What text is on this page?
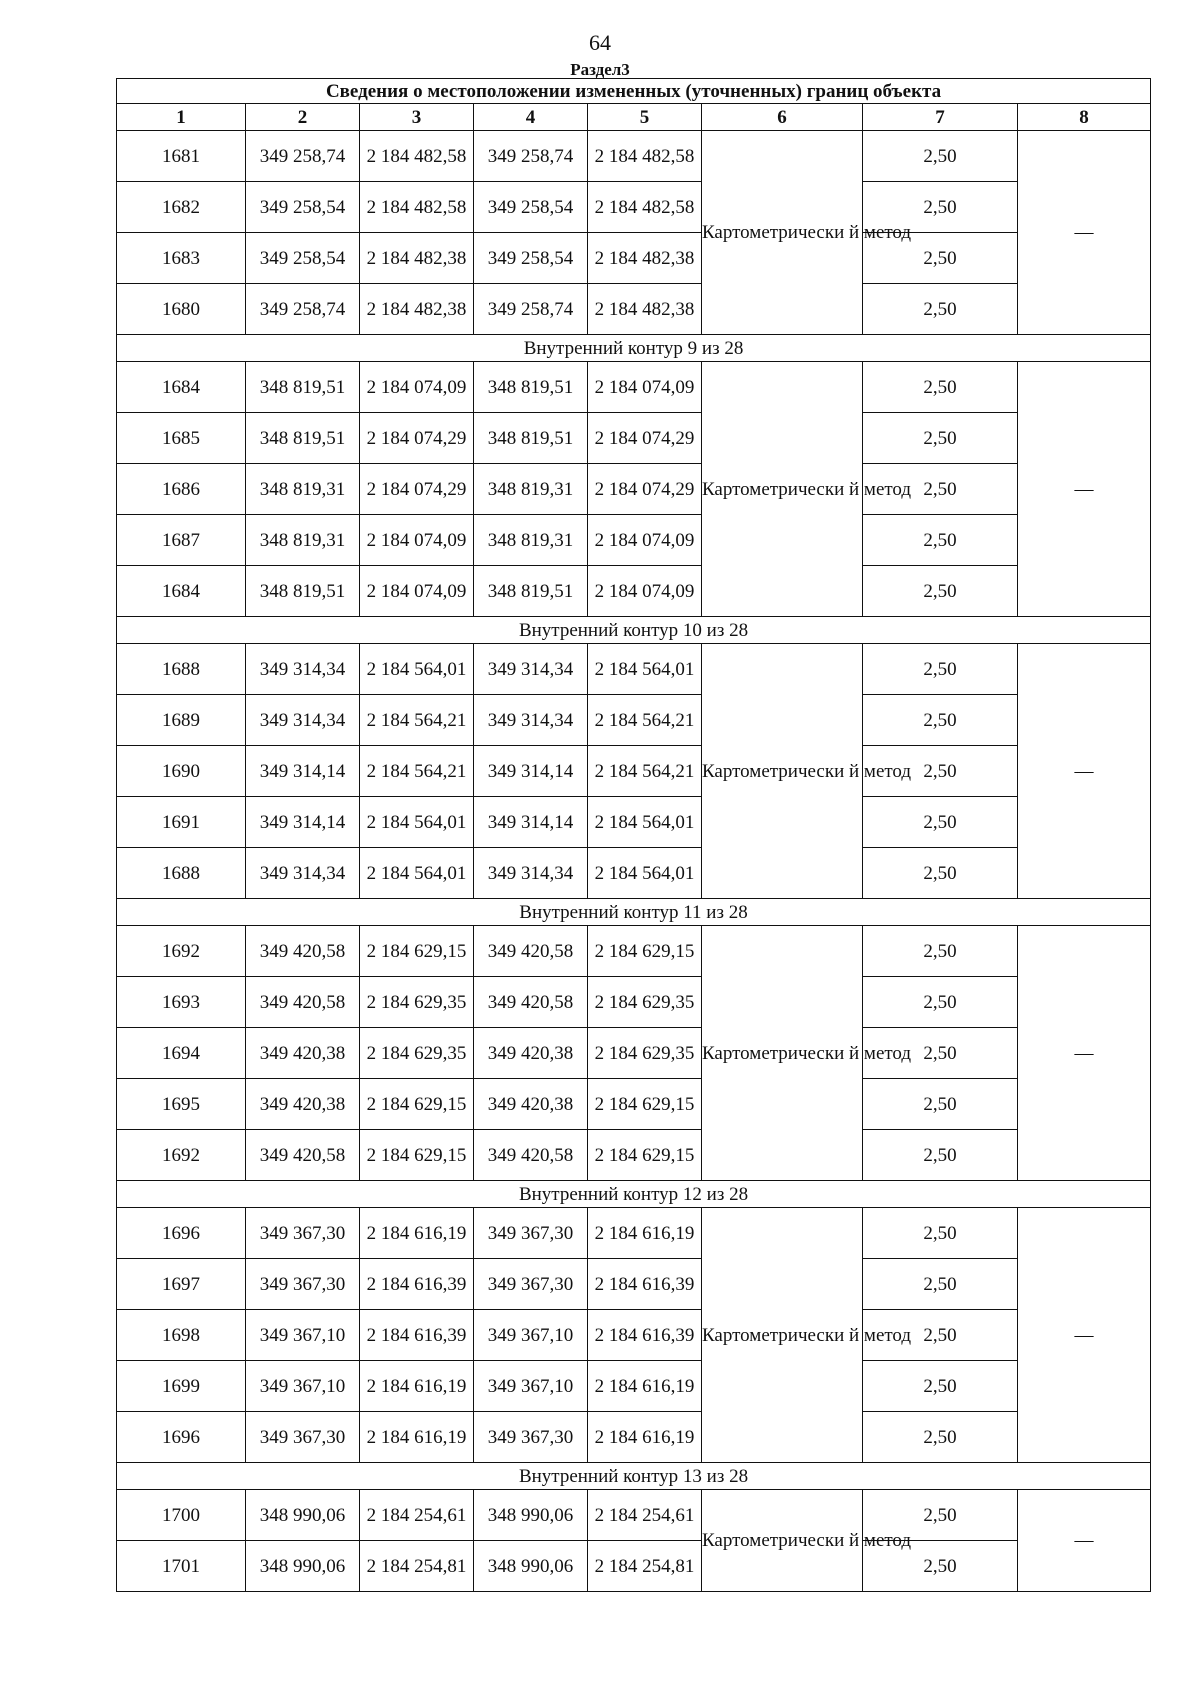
64
Раздел3
Сведения о местоположении измененных (уточненных) границ объекта							
1	2	3	4	5	6	7	8
1681	349 258,74	2 184 482,58	349 258,74	2 184 482,58	Картометрически й метод	2,50	—
1682	349 258,54	2 184 482,58	349 258,54	2 184 482,58		2,50	
1683	349 258,54	2 184 482,38	349 258,54	2 184 482,38		2,50	
1680	349 258,74	2 184 482,38	349 258,74	2 184 482,38		2,50	
Внутренний контур 9 из 28							
1684	348 819,51	2 184 074,09	348 819,51	2 184 074,09	Картометрически й метод	2,50	—
1685	348 819,51	2 184 074,29	348 819,51	2 184 074,29		2,50	
1686	348 819,31	2 184 074,29	348 819,31	2 184 074,29		2,50	
1687	348 819,31	2 184 074,09	348 819,31	2 184 074,09		2,50	
1684	348 819,51	2 184 074,09	348 819,51	2 184 074,09		2,50	
Внутренний контур 10 из 28							
1688	349 314,34	2 184 564,01	349 314,34	2 184 564,01	Картометрически й метод	2,50	—
1689	349 314,34	2 184 564,21	349 314,34	2 184 564,21		2,50	
1690	349 314,14	2 184 564,21	349 314,14	2 184 564,21		2,50	
1691	349 314,14	2 184 564,01	349 314,14	2 184 564,01		2,50	
1688	349 314,34	2 184 564,01	349 314,34	2 184 564,01		2,50	
Внутренний контур 11 из 28							
1692	349 420,58	2 184 629,15	349 420,58	2 184 629,15	Картометрически й метод	2,50	—
1693	349 420,58	2 184 629,35	349 420,58	2 184 629,35		2,50	
1694	349 420,38	2 184 629,35	349 420,38	2 184 629,35		2,50	
1695	349 420,38	2 184 629,15	349 420,38	2 184 629,15		2,50	
1692	349 420,58	2 184 629,15	349 420,58	2 184 629,15		2,50	
Внутренний контур 12 из 28							
1696	349 367,30	2 184 616,19	349 367,30	2 184 616,19	Картометрически й метод	2,50	—
1697	349 367,30	2 184 616,39	349 367,30	2 184 616,39		2,50	
1698	349 367,10	2 184 616,39	349 367,10	2 184 616,39		2,50	
1699	349 367,10	2 184 616,19	349 367,10	2 184 616,19		2,50	
1696	349 367,30	2 184 616,19	349 367,30	2 184 616,19		2,50	
Внутренний контур 13 из 28							
1700	348 990,06	2 184 254,61	348 990,06	2 184 254,61	Картометрически й метод	2,50	—
1701	348 990,06	2 184 254,81	348 990,06	2 184 254,81		2,50	
